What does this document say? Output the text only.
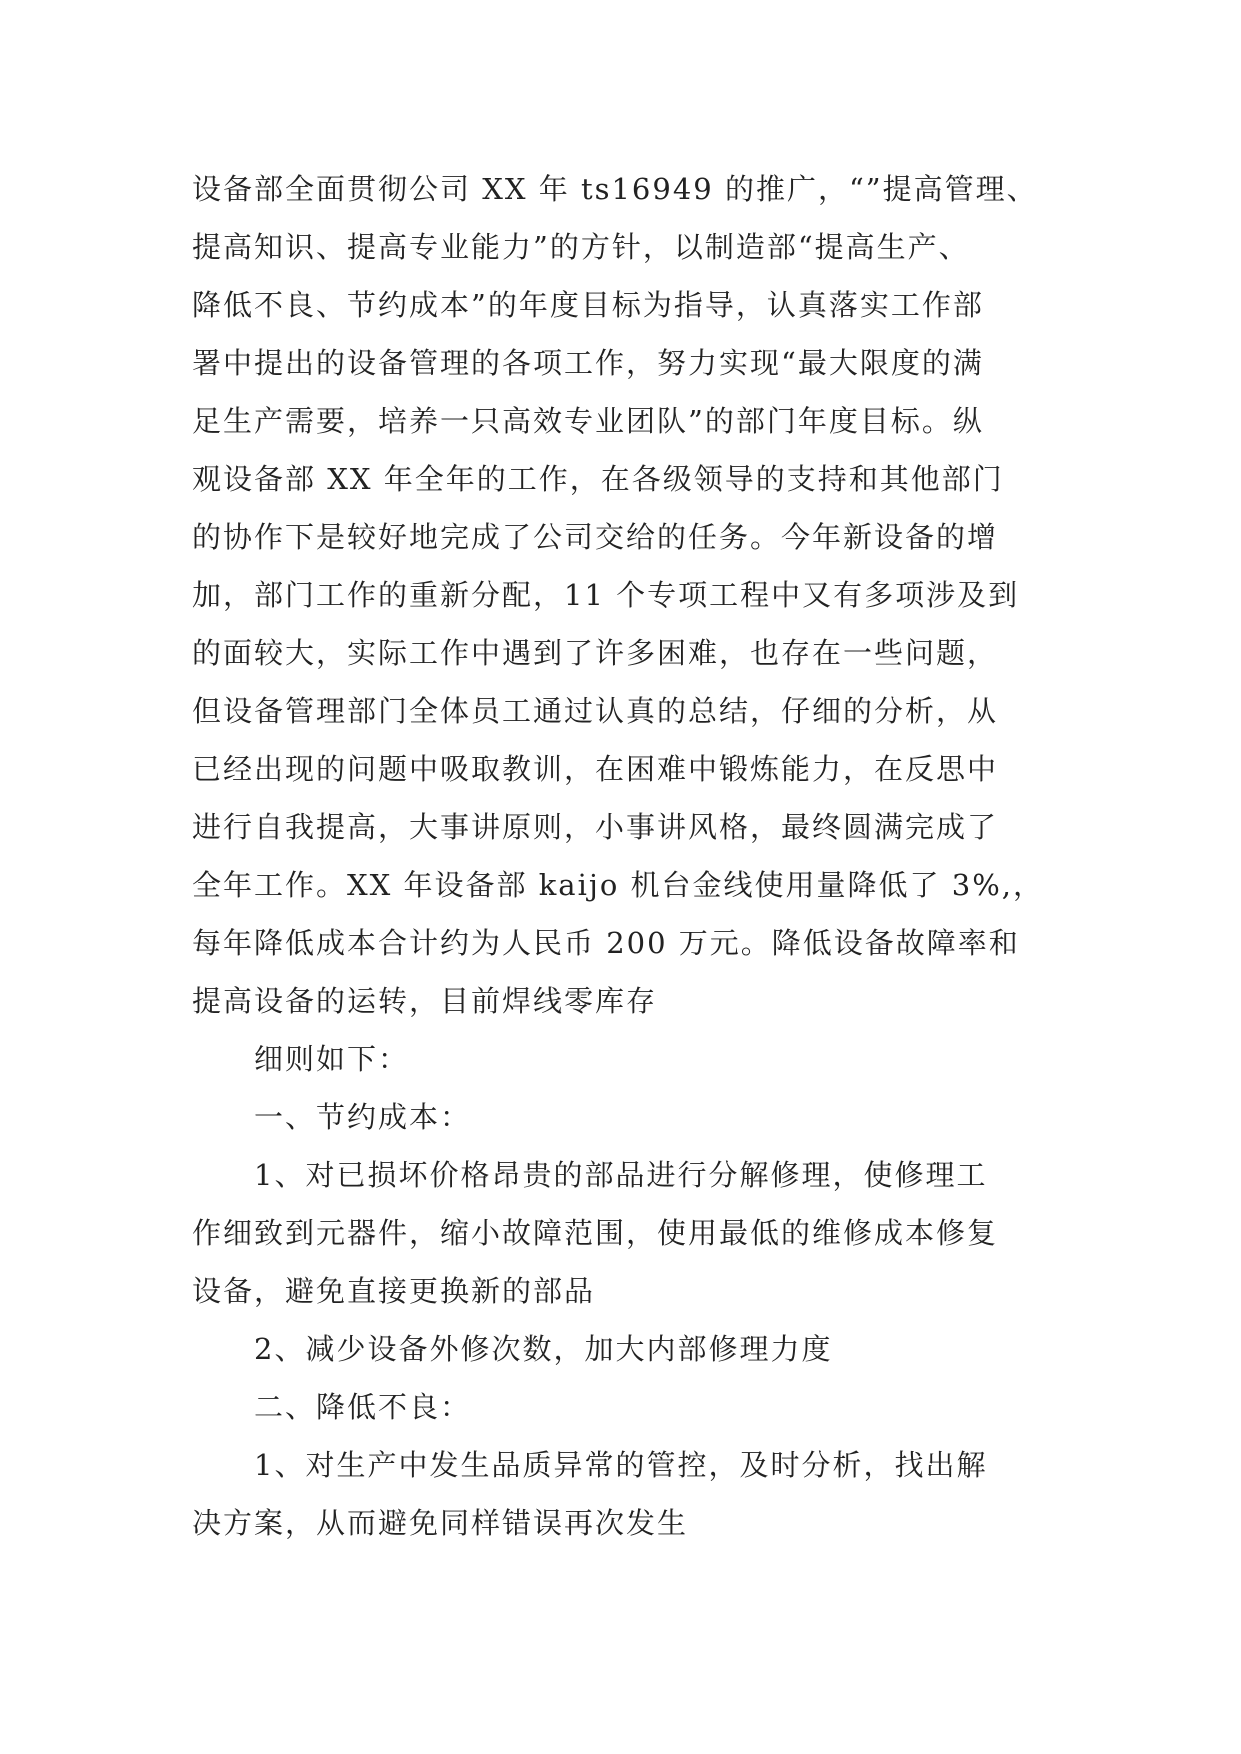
设备部全面贯彻公司 XX 年 ts16949 的推广，“”提高管理、
提高知识、提高专业能力”的方针，以制造部“提高生产、
降低不良、节约成本”的年度目标为指导，认真落实工作部
署中提出的设备管理的各项工作，努力实现“最大限度的满
足生产需要，培养一只高效专业团队”的部门年度目标。纵
观设备部 XX 年全年的工作，在各级领导的支持和其他部门
的协作下是较好地完成了公司交给的任务。今年新设备的增
加，部门工作的重新分配，11 个专项工程中又有多项涉及到
的面较大，实际工作中遇到了许多困难，也存在一些问题，
但设备管理部门全体员工通过认真的总结，仔细的分析，从
已经出现的问题中吸取教训，在困难中锻炼能力，在反思中
进行自我提高，大事讲原则，小事讲风格，最终圆满完成了
全年工作。XX 年设备部 kaijo 机台金线使用量降低了 3%,，
每年降低成本合计约为人民币 200 万元。降低设备故障率和
提高设备的运转，目前焊线零库存
细则如下：
一、节约成本：
1、对已损坏价格昂贵的部品进行分解修理，使修理工
作细致到元器件，缩小故障范围，使用最低的维修成本修复
设备，避免直接更换新的部品
2、减少设备外修次数，加大内部修理力度
二、降低不良：
1、对生产中发生品质异常的管控，及时分析，找出解
决方案，从而避免同样错误再次发生
